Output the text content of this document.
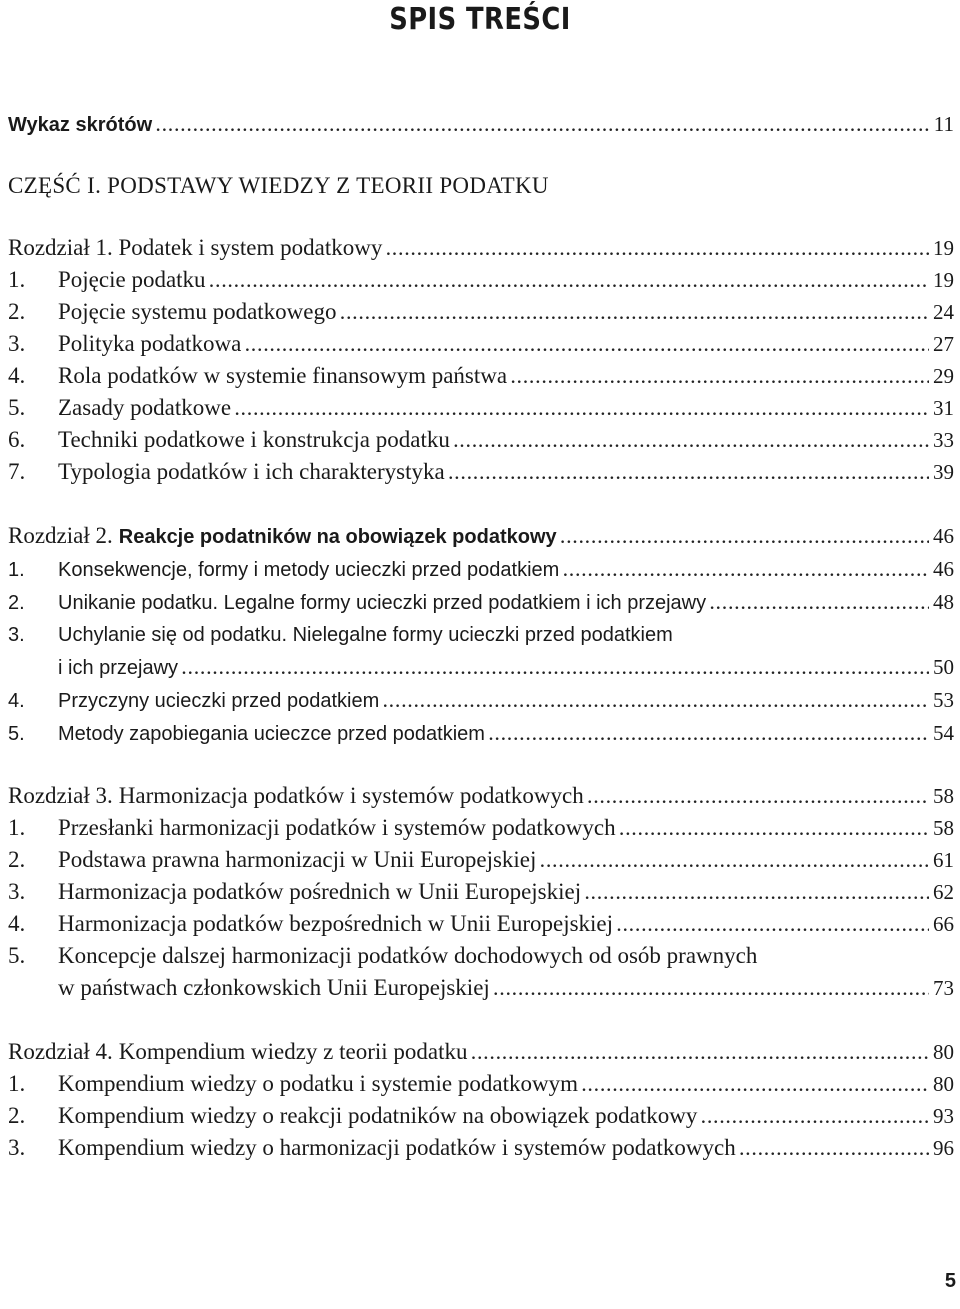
SPIS TREŚCI
Wykaz skrótów .....	11
CZĘŚĆ I. PODSTAWY WIEDZY Z TEORII PODATKU
Rozdział 1. Podatek i system podatkowy .....	19
1.	Pojęcie podatku .....	19
2.	Pojęcie systemu podatkowego .....	24
3.	Polityka podatkowa .....	27
4.	Rola podatków w systemie finansowym państwa .....	29
5.	Zasady podatkowe .....	31
6.	Techniki podatkowe i konstrukcja podatku .....	33
7.	Typologia podatków i ich charakterystyka .....	39
Rozdział 2. Reakcje podatników na obowiązek podatkowy .....	46
1.	Konsekwencje, formy i metody ucieczki przed podatkiem .....	46
2.	Unikanie podatku. Legalne formy ucieczki przed podatkiem i ich przejawy .....	48
3.	Uchylanie się od podatku. Nielegalne formy ucieczki przed podatkiem
i ich przejawy .....	50
4.	Przyczyny ucieczki przed podatkiem .....	53
5.	Metody zapobiegania ucieczce przed podatkiem .....	54
Rozdział 3. Harmonizacja podatków i systemów podatkowych .....	58
1.	Przesłanki harmonizacji podatków i systemów podatkowych .....	58
2.	Podstawa prawna harmonizacji w Unii Europejskiej .....	61
3.	Harmonizacja podatków pośrednich w Unii Europejskiej .....	62
4.	Harmonizacja podatków bezpośrednich w Unii Europejskiej .....	66
5.	Koncepcje dalszej harmonizacji podatków dochodowych od osób prawnych
w państwach członkowskich Unii Europejskiej .....	73
Rozdział 4. Kompendium wiedzy z teorii podatku .....	80
1.	Kompendium wiedzy o podatku i systemie podatkowym .....	80
2.	Kompendium wiedzy o reakcji podatników na obowiązek podatkowy .....	93
3.	Kompendium wiedzy o harmonizacji podatków i systemów podatkowych .....	96
5
